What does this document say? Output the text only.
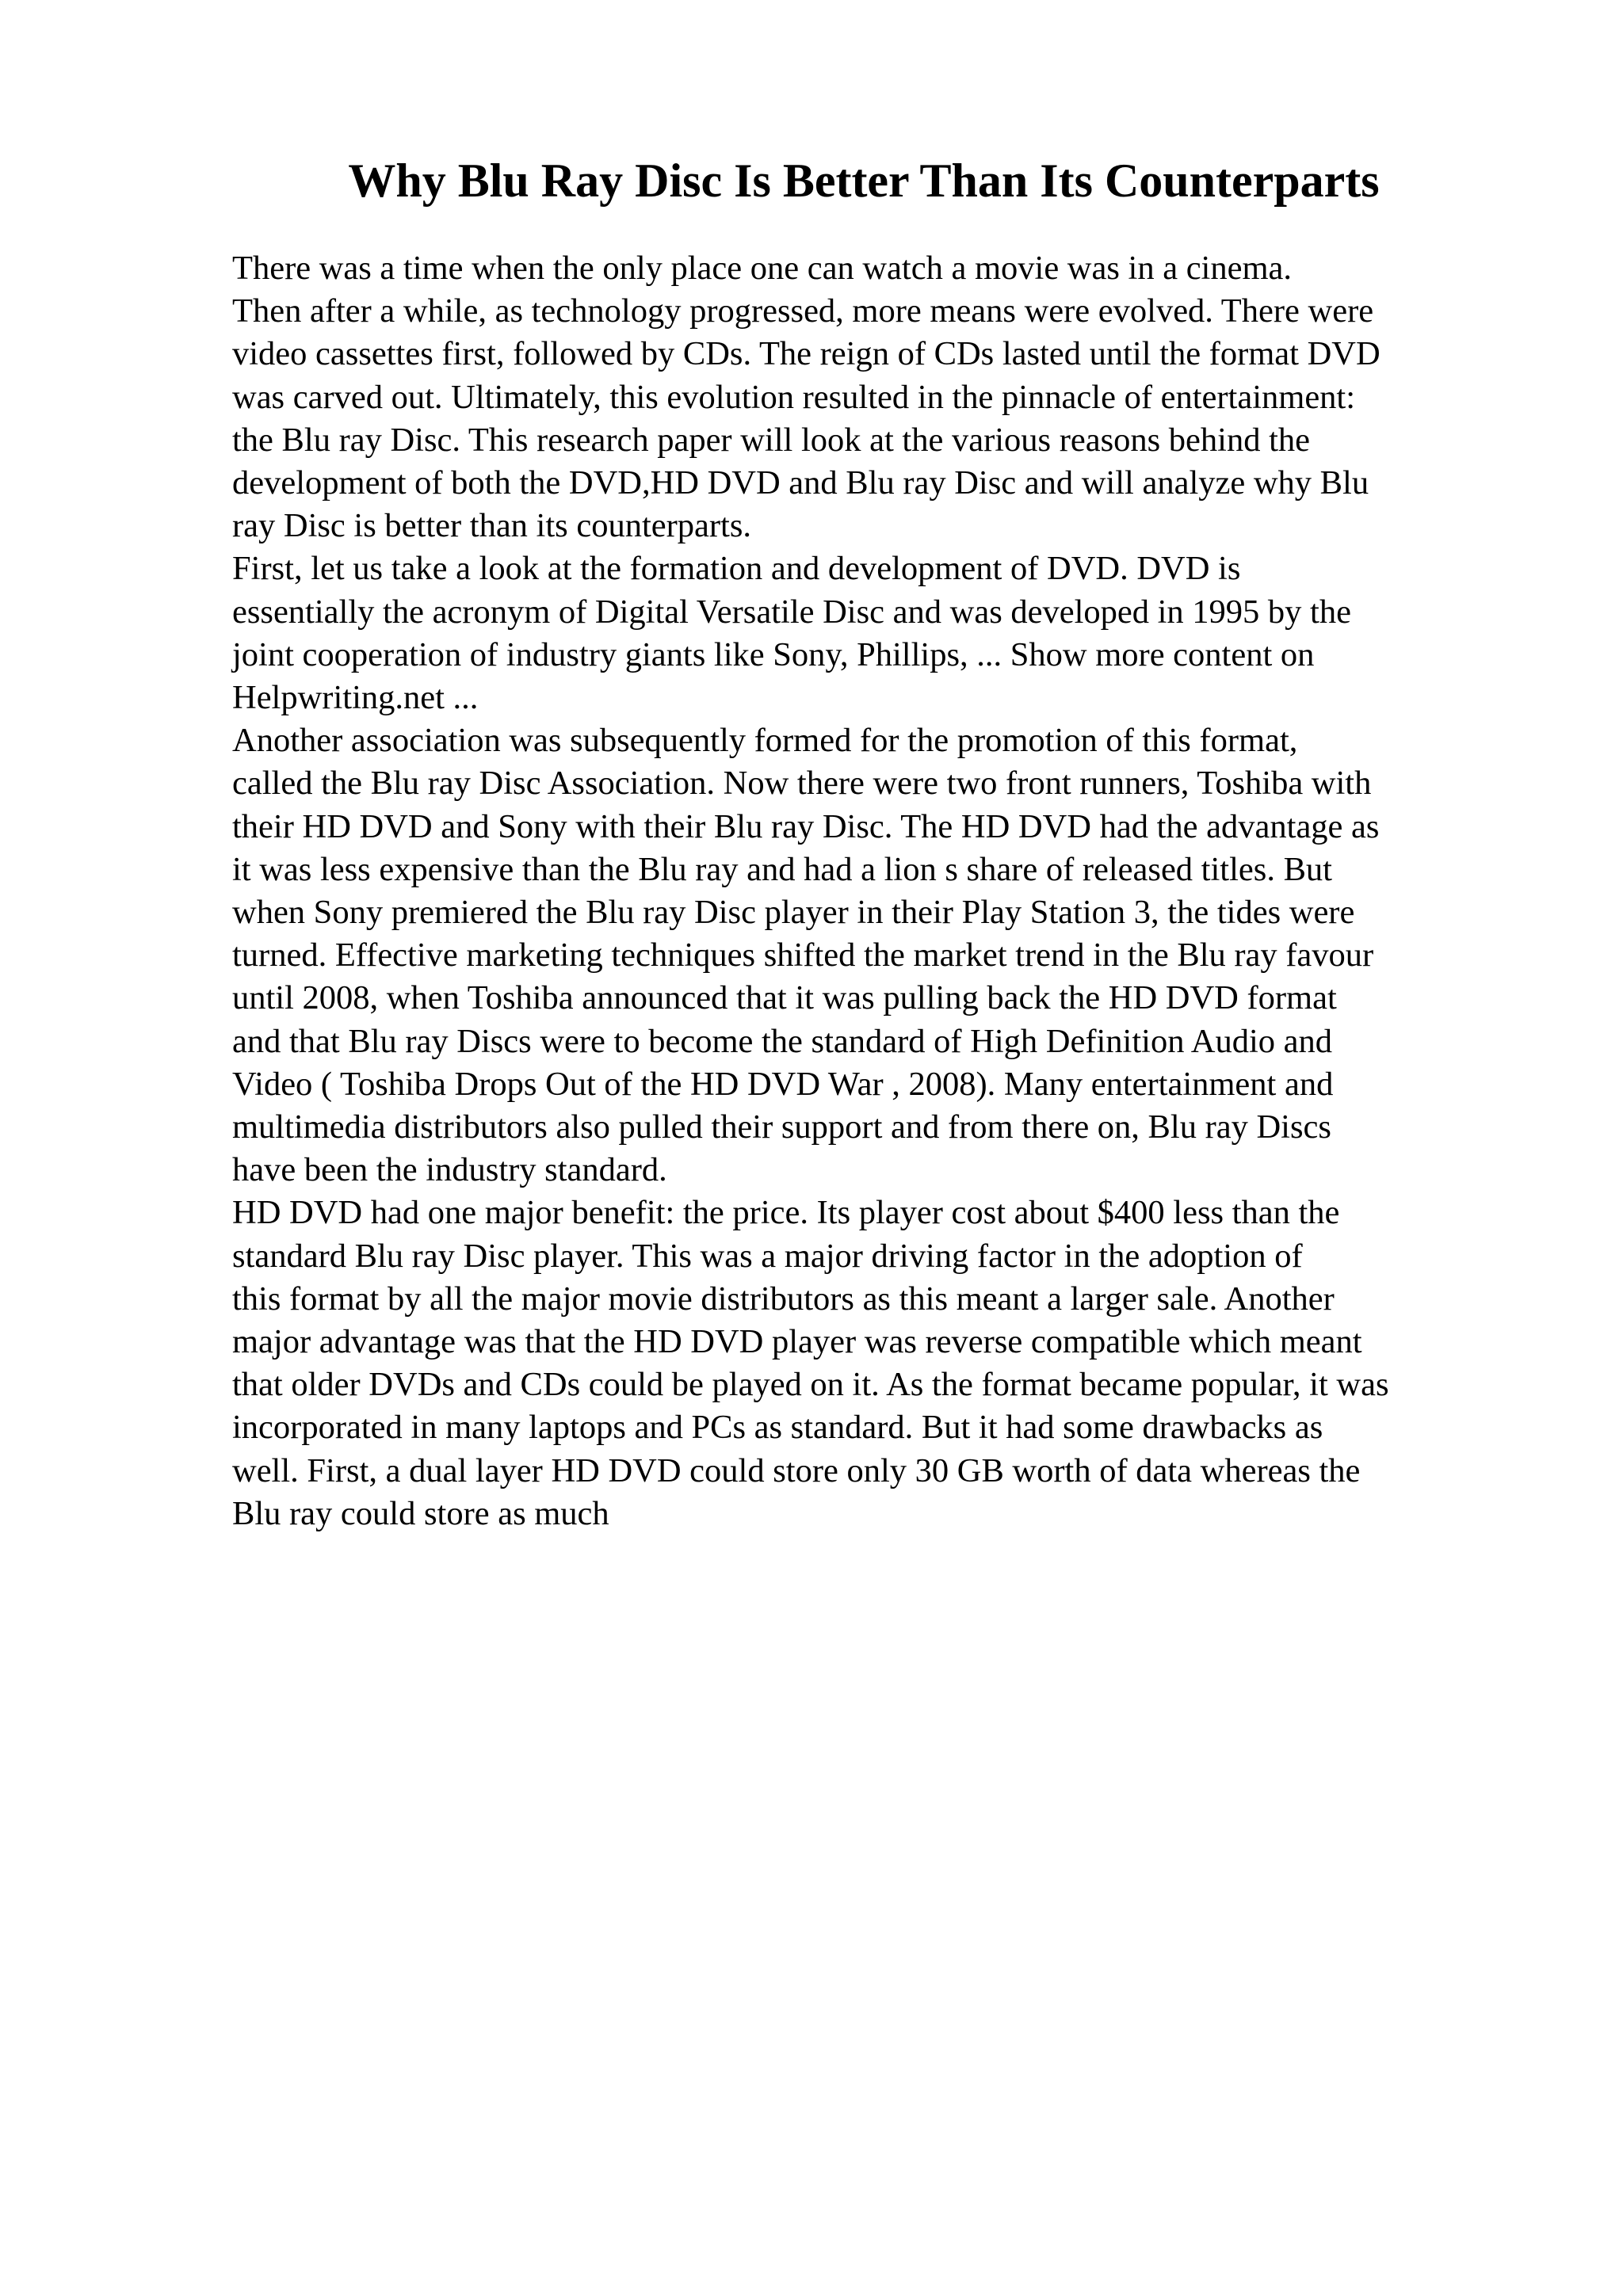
Why Blu Ray Disc Is Better Than Its Counterparts
There was a time when the only place one can watch a movie was in a cinema.
Then after a while, as technology progressed, more means were evolved. There were
video cassettes first, followed by CDs. The reign of CDs lasted until the format DVD
was carved out. Ultimately, this evolution resulted in the pinnacle of entertainment:
the Blu ray Disc. This research paper will look at the various reasons behind the
development of both the DVD,HD DVD and Blu ray Disc and will analyze why Blu
ray Disc is better than its counterparts.
First, let us take a look at the formation and development of DVD. DVD is
essentially the acronym of Digital Versatile Disc and was developed in 1995 by the
joint cooperation of industry giants like Sony, Phillips, ... Show more content on
Helpwriting.net ...
Another association was subsequently formed for the promotion of this format,
called the Blu ray Disc Association. Now there were two front runners, Toshiba with
their HD DVD and Sony with their Blu ray Disc. The HD DVD had the advantage as
it was less expensive than the Blu ray and had a lion s share of released titles. But
when Sony premiered the Blu ray Disc player in their Play Station 3, the tides were
turned. Effective marketing techniques shifted the market trend in the Blu ray favour
until 2008, when Toshiba announced that it was pulling back the HD DVD format
and that Blu ray Discs were to become the standard of High Definition Audio and
Video ( Toshiba Drops Out of the HD DVD War , 2008). Many entertainment and
multimedia distributors also pulled their support and from there on, Blu ray Discs
have been the industry standard.
HD DVD had one major benefit: the price. Its player cost about $400 less than the
standard Blu ray Disc player. This was a major driving factor in the adoption of
this format by all the major movie distributors as this meant a larger sale. Another
major advantage was that the HD DVD player was reverse compatible which meant
that older DVDs and CDs could be played on it. As the format became popular, it was
incorporated in many laptops and PCs as standard. But it had some drawbacks as
well. First, a dual layer HD DVD could store only 30 GB worth of data whereas the
Blu ray could store as much
